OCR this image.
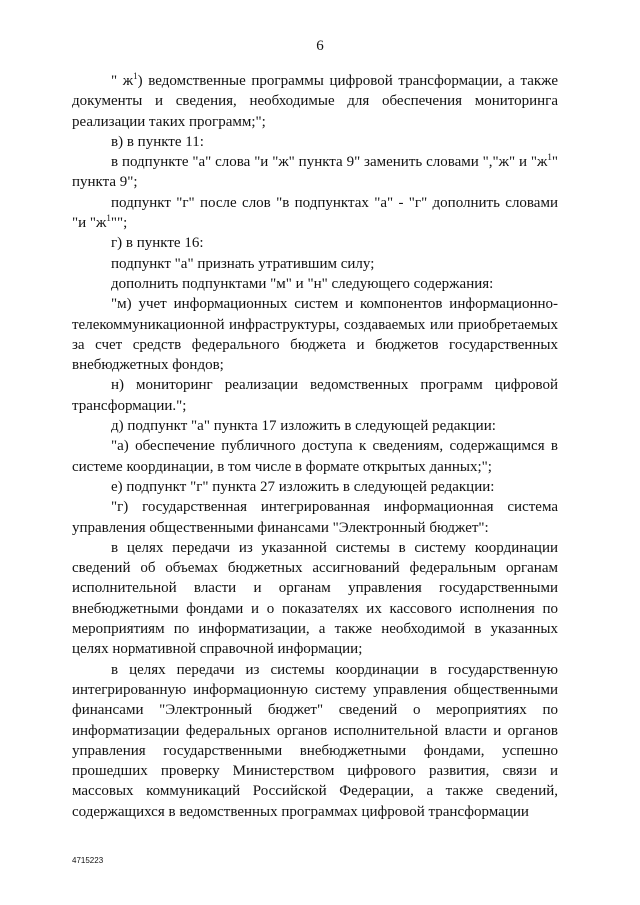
6

" $ж^1$) ведомственные программы цифровой трансформации, а также документы и сведения, необходимые для обеспечения мониторинга реализации таких программ;";

в) в пункте 11:

в подпункте "а" слова "и "ж" пункта 9" заменить словами ","ж" и "$ж^1$" пункта 9";

подпункт "г" после слов "в подпунктах "а" - "г" дополнить словами "и "$ж^1$"";

г) в пункте 16:

подпункт "а" признать утратившим силу;

дополнить подпунктами "м" и "н" следующего содержания:

"м) учет информационных систем и компонентов информационно-телекоммуникационной инфраструктуры, создаваемых или приобретаемых за счет средств федерального бюджета и бюджетов государственных внебюджетных фондов;

н) мониторинг реализации ведомственных программ цифровой трансформации.";

д) подпункт "а" пункта 17 изложить в следующей редакции:

"а) обеспечение публичного доступа к сведениям, содержащимся в системе координации, в том числе в формате открытых данных;";

е) подпункт "г" пункта 27 изложить в следующей редакции:

"г) государственная интегрированная информационная система управления общественными финансами "Электронный бюджет":

в целях передачи из указанной системы в систему координации сведений об объемах бюджетных ассигнований федеральным органам исполнительной власти и органам управления государственными внебюджетными фондами и о показателях их кассового исполнения по мероприятиям по информатизации, а также необходимой в указанных целях нормативной справочной информации;

в целях передачи из системы координации в государственную интегрированную информационную систему управления общественными финансами "Электронный бюджет" сведений о мероприятиях по информатизации федеральных органов исполнительной власти и органов управления государственными внебюджетными фондами, успешно прошедших проверку Министерством цифрового развития, связи и массовых коммуникаций Российской Федерации, а также сведений, содержащихся в ведомственных программах цифровой трансформации

4715223
